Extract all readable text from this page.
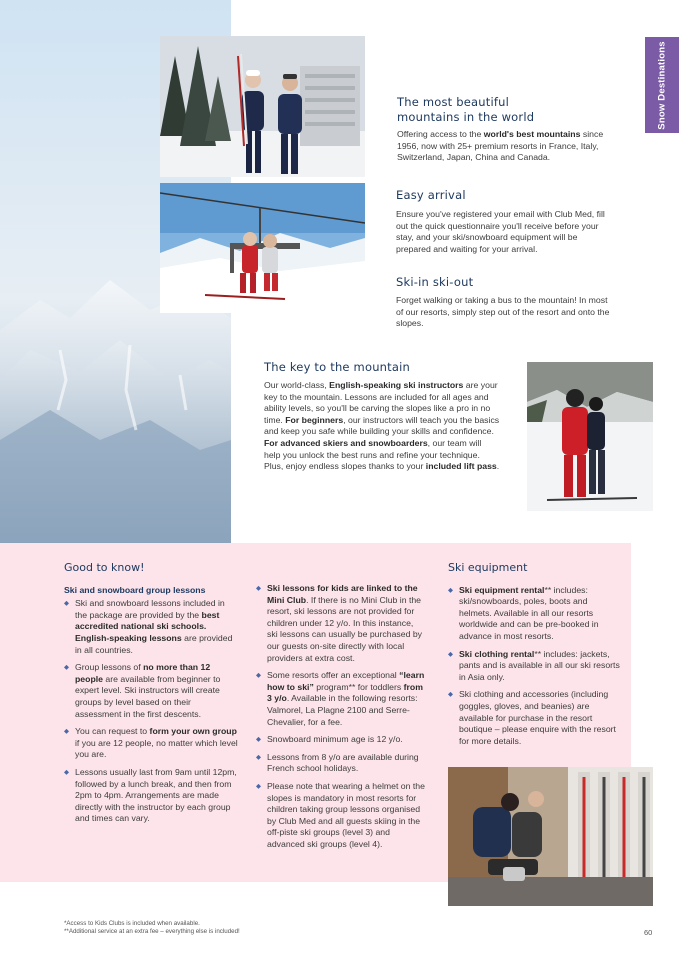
Snow Destinations
The most beautiful
mountains in the world
Offering access to the world's best mountains since 1956, now with 25+ premium resorts in France, Italy, Switzerland, Japan, China and Canada.
Easy arrival
Ensure you've registered your email with Club Med, fill out the quick questionnaire you'll receive before your stay, and your ski/snowboard equipment will be prepared and waiting for your arrival.
Ski-in ski-out
Forget walking or taking a bus to the mountain! In most of our resorts, simply step out of the resort and onto the slopes.
The key to the mountain
Our world-class, English-speaking ski instructors are your key to the mountain. Lessons are included for all ages and ability levels, so you'll be carving the slopes like a pro in no time. For beginners, our instructors will teach you the basics and keep you safe while building your skills and confidence. For advanced skiers and snowboarders, our team will help you unlock the best runs and refine your technique. Plus, enjoy endless slopes thanks to your included lift pass.
Good to know!
Ski and snowboard group lessons
◆ Ski and snowboard lessons included in the package are provided by the best accredited national ski schools. English-speaking lessons are provided in all countries.
◆ Group lessons of no more than 12 people are available from beginner to expert level. Ski instructors will create groups by level based on their assessment in the first descents.
◆ You can request to form your own group if you are 12 people, no matter which level you are.
◆ Lessons usually last from 9am until 12pm, followed by a lunch break, and then from 2pm to 4pm. Arrangements are made directly with the instructor by each group and times can vary.
◆ Ski lessons for kids are linked to the Mini Club. If there is no Mini Club in the resort, ski lessons are not provided for children under 12 y/o. In this instance, ski lessons can usually be purchased by our guests on-site directly with local providers at extra cost.
◆ Some resorts offer an exceptional “learn how to ski” program** for toddlers from 3 y/o. Available in the following resorts: Valmorel, La Plagne 2100 and Serre-Chevalier, for a fee.
◆ Snowboard minimum age is 12 y/o.
◆ Lessons from 8 y/o are available during French school holidays.
◆ Please note that wearing a helmet on the slopes is mandatory in most resorts for children taking group lessons organised by Club Med and all guests skiing in the off-piste ski groups (level 3) and advanced ski groups (level 4).
Ski equipment
◆ Ski equipment rental** includes: ski/snowboards, poles, boots and helmets. Available in all our resorts worldwide and can be pre-booked in advance in most resorts.
◆ Ski clothing rental** includes: jackets, pants and is available in all our ski resorts in Asia only.
◆ Ski clothing and accessories (including goggles, gloves, and beanies) are available for purchase in the resort boutique – please enquire with the resort for more details.
*Access to Kids Clubs is included when available.
**Additional service at an extra fee – everything else is included!	60
